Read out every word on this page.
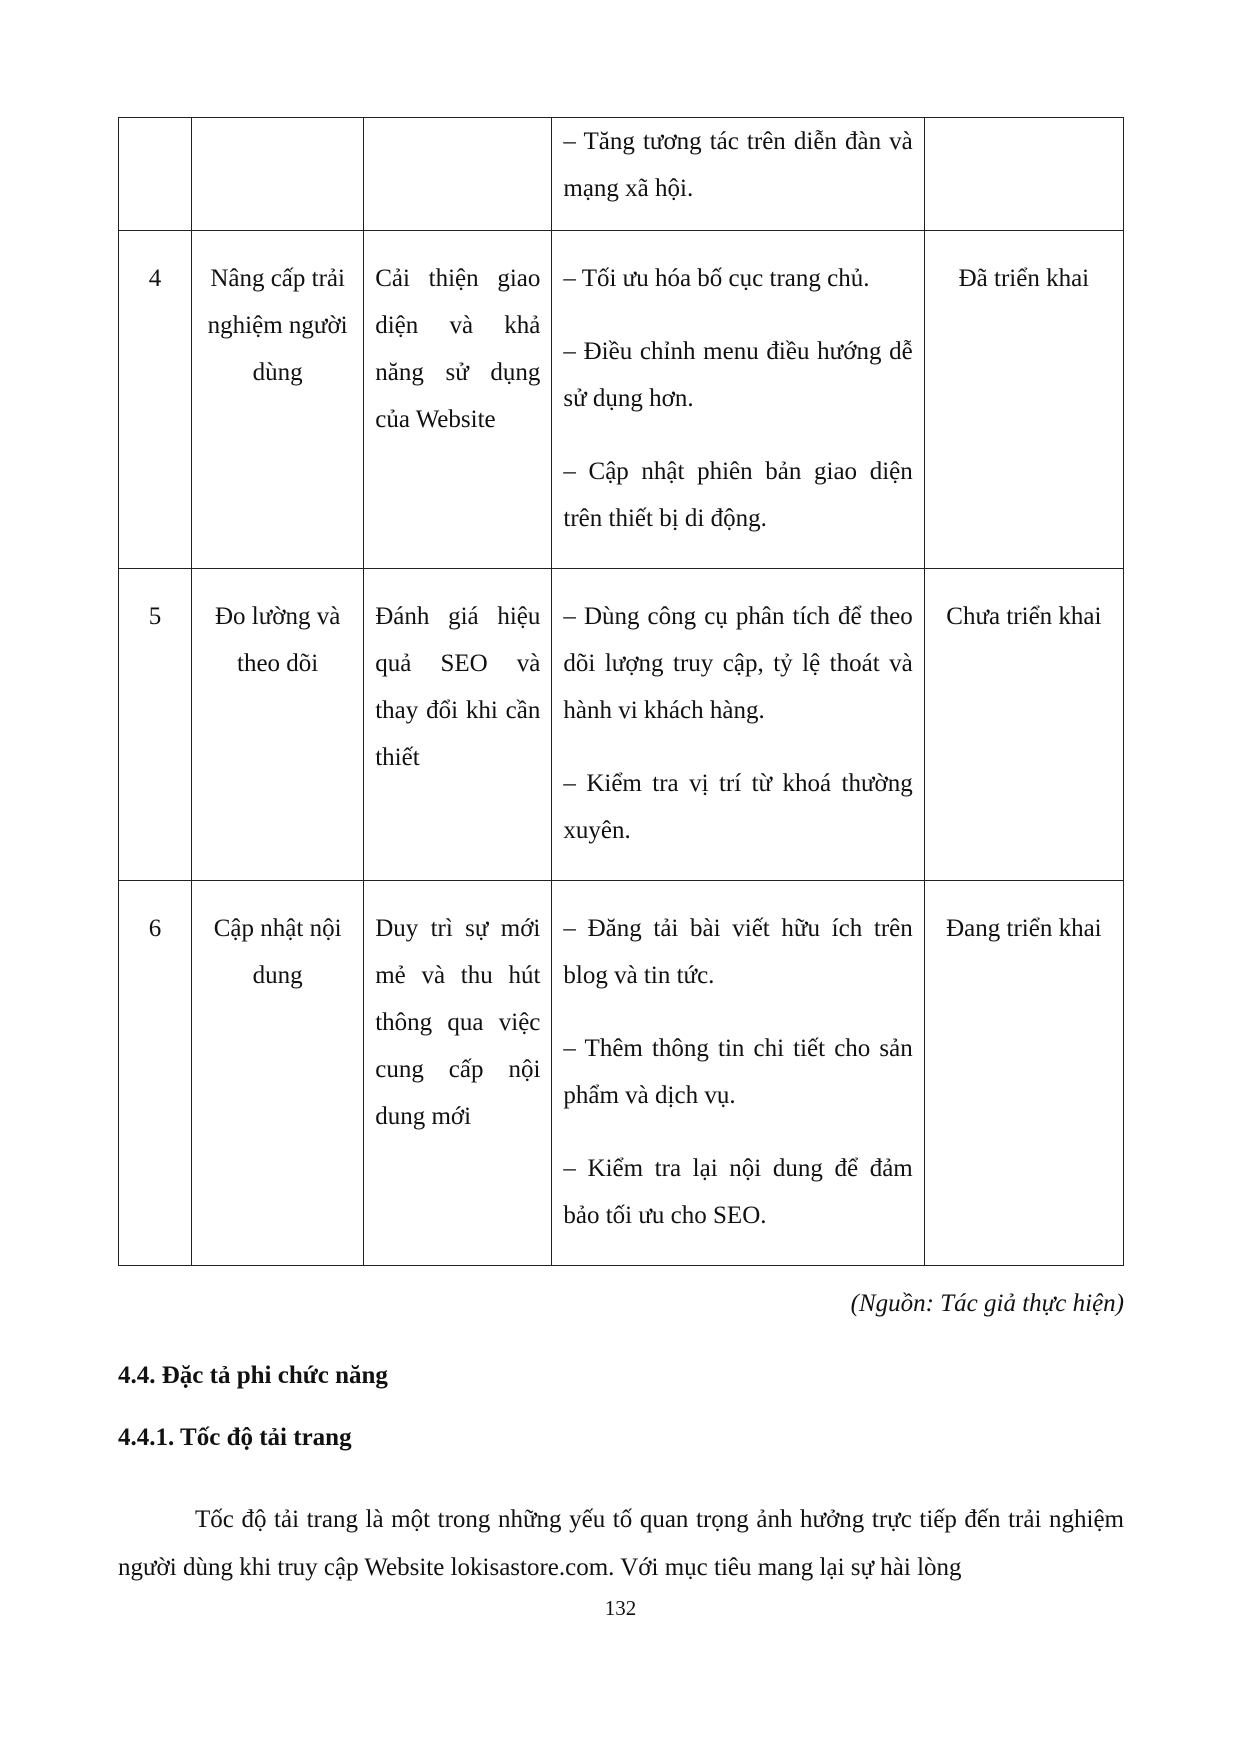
			– Tăng tương tác trên diễn đàn và mạng xã hội.	

4	Nâng cấp trải nghiệm người dùng	Cải thiện giao diện và khả năng sử dụng của Website	– Tối ưu hóa bố cục trang chủ.

– Điều chỉnh menu điều hướng dễ sử dụng hơn.

– Cập nhật phiên bản giao diện trên thiết bị di động.	Đã triển khai

5	Đo lường và theo dõi	Đánh giá hiệu quả SEO và thay đổi khi cần thiết	– Dùng công cụ phân tích để theo dõi lượng truy cập, tỷ lệ thoát và hành vi khách hàng.

– Kiểm tra vị trí từ khoá thường xuyên.	Chưa triển khai

6	Cập nhật nội dung	Duy trì sự mới mẻ và thu hút thông qua việc cung cấp nội dung mới	– Đăng tải bài viết hữu ích trên blog và tin tức.

– Thêm thông tin chi tiết cho sản phẩm và dịch vụ.

– Kiểm tra lại nội dung để đảm bảo tối ưu cho SEO.	Đang triển khai
(Nguồn: Tác giả thực hiện)
4.4. Đặc tả phi chức năng
4.4.1. Tốc độ tải trang

Tốc độ tải trang là một trong những yếu tố quan trọng ảnh hưởng trực tiếp đến trải nghiệm người dùng khi truy cập Website lokisastore.com. Với mục tiêu mang lại sự hài lòng

132
